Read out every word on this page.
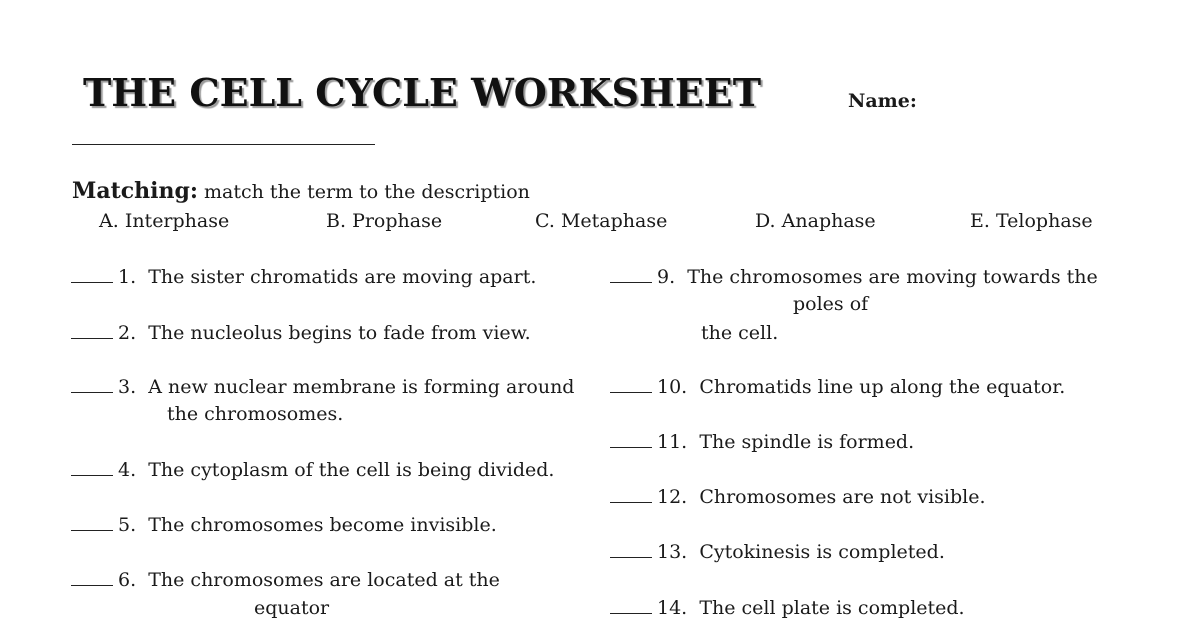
THE CELL CYCLE WORKSHEET	Name:
Matching: match the term to the description
A. Interphase	B. Prophase	C. Metaphase	D. Anaphase	E. Telophase
1. The sister chromatids are moving apart.
2. The nucleolus begins to fade from view.
3. A new nuclear membrane is forming around
the chromosomes.
4. The cytoplasm of the cell is being divided.
5. The chromosomes become invisible.
6. The chromosomes are located at the
equator
9. The chromosomes are moving towards the
poles of
the cell.
10. Chromatids line up along the equator.
11. The spindle is formed.
12. Chromosomes are not visible.
13. Cytokinesis is completed.
14. The cell plate is completed.
